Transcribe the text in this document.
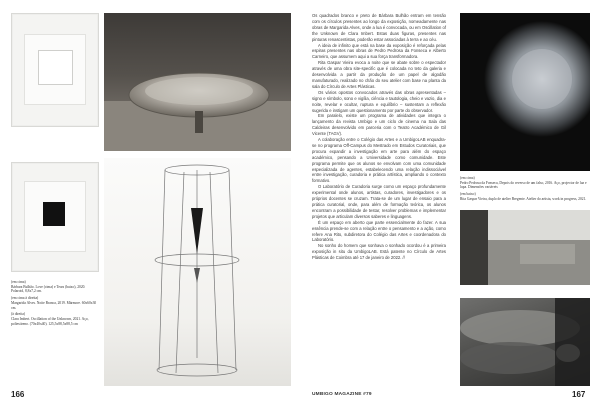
(em cima)
Bárbara Bulhão. Love (cima) e Tears (baixo), 2020. Polaroid, 8,8x7,2 cm.

(em cima à direita)
Margarida Alves. Noite Branca, 2019. Mármore. 60x60x30 cm.

(à direita)
Clara Imbert. Oscillation of the Unknown, 2021. Aço, poliestireno. (70x40x40). 125,5x88,5x88,5 cm

166

Os quadrados branco e preto de Bárbara Bulhão entram em tensão com os círculos presentes ao longo da exposição, nomeadamente nas obras de Margarida Alves, onde a lua é convocada, ou em Oscillation of the Unknown de Clara Imbert. Estas duas figuras, presentes nas pinturas renascentistas, poderão estar associadas à terra e ao céu.

A ideia de infinito que está na base da exposição é reforçada pelas espiras presentes nas obras de Pedro Pedrosa da Fonseca e Alberto Carneiro, que assumem aqui a sua força transformadora.

Rita Gaspar Vieira evoca a noite que se abate sobre o espectador através de uma obra site-specific que é colocada no teto da galeria e desenvolvida a partir da produção de um papel de algodão manufaturado, realizado no chão do seu atelier com base na planta da sala do Círculo de Artes Plásticas.

Os vários opostos convocados através das obras apresentadas – signo e símbolo, sono e vigília, ciência e tautologia, cheio e vazio, dia e noite, revelar e ocultar, ruptura e equilíbrio – sustentam a reflexão sugerida e instigam um questionamento por parte do observador.

Em paralelo, existe um programa de atividades que integra o lançamento da revista Umbigo e um ciclo de cinema na Sala das Caldeiras desenvolvido em parceria com o Teatro Académico de Gil Vicente (TAGV).

A colaboração entre o Colégio das Artes e a UmbigoLAB enquadra-se no programa Off-Campus do Mestrado em Estudos Curatoriais, que procura expandir a investigação em arte para além do espaço académico, pensando a Universidade como comunidade. Este programa permite que os alunos se envolvam com uma comunidade especializada de agentes, estabelecendo uma relação indissociável entre investigação, curadoria e prática artística, ampliando o contexto formativo.

O Laboratório de Curadoria surge como um espaço profundamente experimental onde alunos, artistas, curadores, investigadores e os próprios docentes se cruzam. Trata-se de um lugar de ensaio para a prática curatorial, onde, para além de formação teórica, os alunos encontram a possibilidade de testar, resolver problemas e implementar projetos que articulam diversos saberes e linguagens.

É um espaço em aberto que parte essencialmente do fazer. A sua essência prende-se com a relação entre o pensamento e a ação, como refere Ana Rito, subdiretora do Colégio das Artes e coordenadora do Laboratório.

No sonho do homem que sonhava o sonhado ocordou é a primeira exposição in situ da UmbigoLAB. Está patente no Círculo de Artes Plásticas de Coimbra até 17 de janeiro de 2022. //

(em cima)
Pedro Pedrosa da Fonseca, Depois do reverso de um falso, 2016. Aço, projector de luz e lupa. Dimensões variáveis

(em baixo)
Rita Gaspar Vieira, duplo de atelier Bregente. Atelier do artista, work in progress, 2021.

UMBIGO MAGAZINE #79	167
